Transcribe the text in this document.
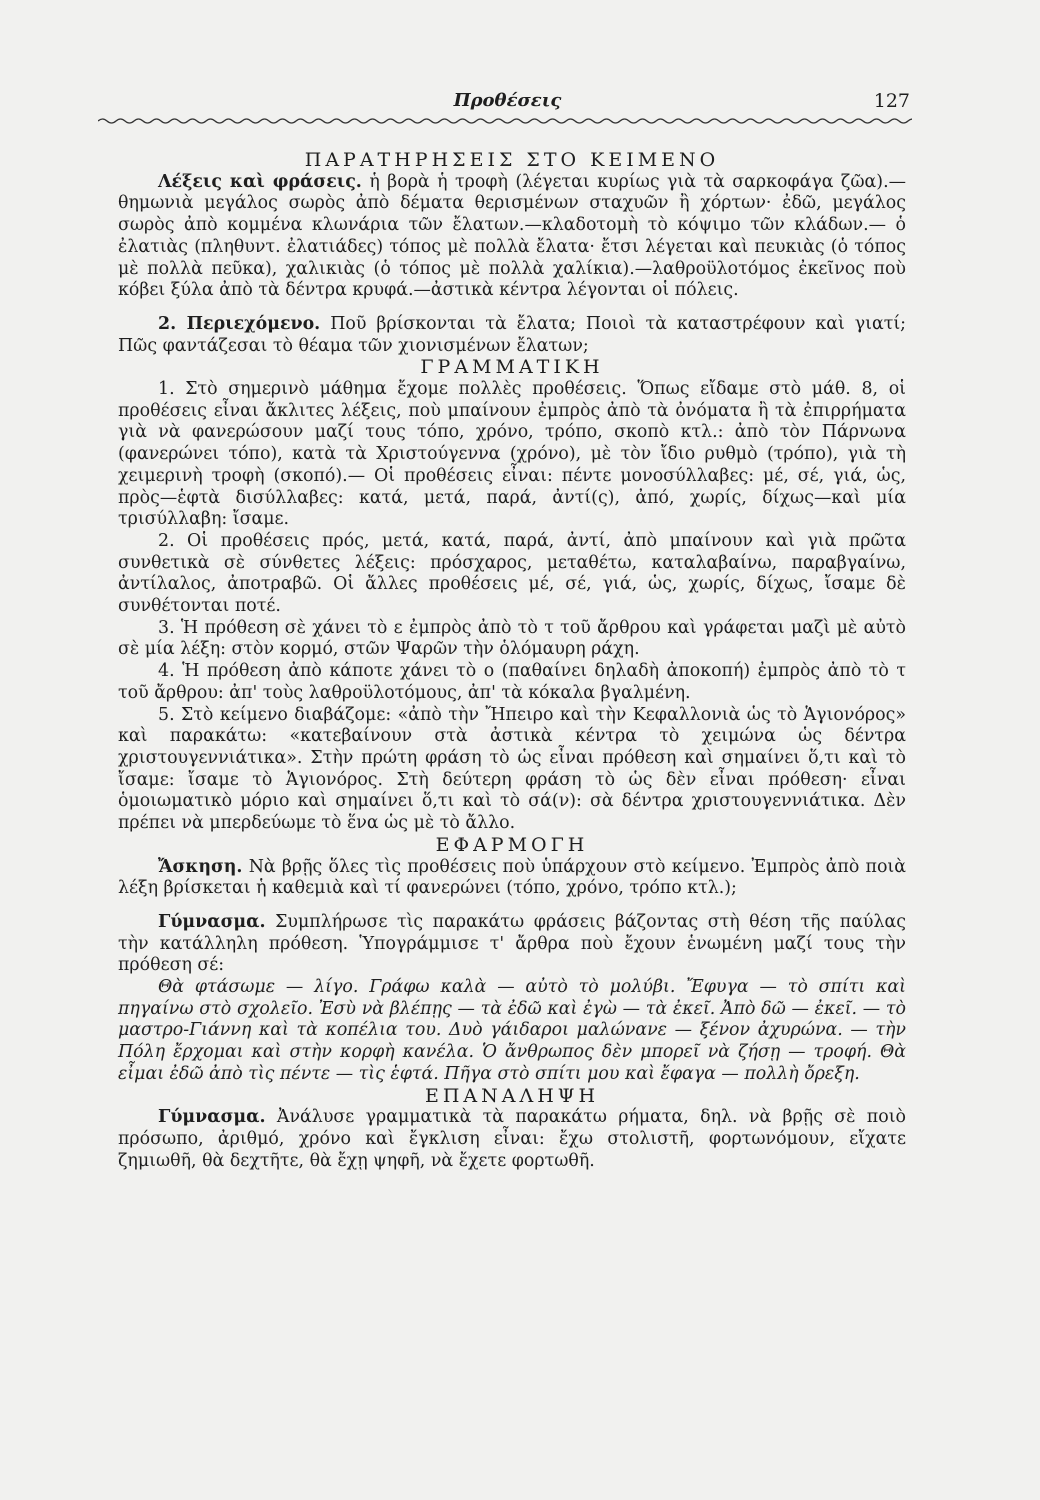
Προθέσεις	127

ΠΑΡΑΤΗΡΗΣΕΙΣ ΣΤΟ ΚΕΙΜΕΝΟ

Λέξεις καὶ φράσεις. ἡ βορὰ ἡ τροφὴ (λέγεται κυρίως γιὰ τὰ σαρκοφάγα ζῶα).—θημωνιὰ μεγάλος σωρὸς ἀπὸ δέματα θερισμένων σταχυῶν ἢ χόρτων· ἐδῶ, μεγάλος σωρὸς ἀπὸ κομμένα κλωνάρια τῶν ἔλατων.—κλαδοτομὴ τὸ κόψιμο τῶν κλάδων.— ὁ ἐλατιὰς (πληθυντ. ἐλατιάδες) τόπος μὲ πολλὰ ἔλατα· ἔτσι λέγεται καὶ πευκιὰς (ὁ τόπος μὲ πολλὰ πεῦκα), χαλικιὰς (ὁ τόπος μὲ πολλὰ χαλίκια).—λαθροϋλοτόμος ἐκεῖνος ποὺ κόβει ξύλα ἀπὸ τὰ δέντρα κρυφά.—ἀστικὰ κέντρα λέγονται οἱ πόλεις.

2. Περιεχόμενο. Ποῦ βρίσκονται τὰ ἔλατα; Ποιοὶ τὰ καταστρέφουν καὶ γιατί; Πῶς φαντάζεσαι τὸ θέαμα τῶν χιονισμένων ἔλατων;

ΓΡΑΜΜΑΤΙΚΗ

1. Στὸ σημερινὸ μάθημα ἔχομε πολλὲς προθέσεις. Ὅπως εἴδαμε στὸ μάθ. 8, οἱ προθέσεις εἶναι ἄκλιτες λέξεις, ποὺ μπαίνουν ἐμπρὸς ἀπὸ τὰ ὀνόματα ἢ τὰ ἐπιρρήματα γιὰ νὰ φανερώσουν μαζί τους τόπο, χρόνο, τρόπο, σκοπὸ κτλ.: ἀπὸ τὸν Πάρνωνα (φανερώνει τόπο), κατὰ τὰ Χριστούγεννα (χρόνο), μὲ τὸν ἴδιο ρυθμὸ (τρόπο), γιὰ τὴ χειμερινὴ τροφὴ (σκοπό).— Οἱ προθέσεις εἶναι: πέντε μονοσύλλαβες: μέ, σέ, γιά, ὡς, πρὸς—ἑφτὰ δισύλλαβες: κατά, μετά, παρά, ἀντί(ς), ἀπό, χωρίς, δίχως—καὶ μία τρισύλλαβη: ἴσαμε.

2. Οἱ προθέσεις πρός, μετά, κατά, παρά, ἀντί, ἀπὸ μπαίνουν καὶ γιὰ πρῶτα συνθετικὰ σὲ σύνθετες λέξεις: πρόσχαρος, μεταθέτω, καταλαβαίνω, παραβγαίνω, ἀντίλαλος, ἀποτραβῶ. Οἱ ἄλλες προθέσεις μέ, σέ, γιά, ὡς, χωρίς, δίχως, ἴσαμε δὲ συνθέτονται ποτέ.

3. Ἡ πρόθεση σὲ χάνει τὸ ε ἐμπρὸς ἀπὸ τὸ τ τοῦ ἄρθρου καὶ γράφεται μαζὶ μὲ αὐτὸ σὲ μία λέξη: στὸν κορμό, στῶν Ψαρῶν τὴν ὁλόμαυρη ράχη.

4. Ἡ πρόθεση ἀπὸ κάποτε χάνει τὸ ο (παθαίνει δηλαδὴ ἀποκοπή) ἐμπρὸς ἀπὸ τὸ τ τοῦ ἄρθρου: ἀπ' τοὺς λαθροϋλοτόμους, ἀπ' τὰ κόκαλα βγαλμένη.

5. Στὸ κείμενο διαβάζομε: «ἀπὸ τὴν Ἤπειρο καὶ τὴν Κεφαλλονιὰ ὡς τὸ Ἁγιονόρος» καὶ παρακάτω: «κατεβαίνουν στὰ ἀστικὰ κέντρα τὸ χειμώνα ὡς δέντρα χριστουγεννιάτικα». Στὴν πρώτη φράση τὸ ὡς εἶναι πρόθεση καὶ σημαίνει ὅ,τι καὶ τὸ ἴσαμε: ἴσαμε τὸ Ἁγιονόρος. Στὴ δεύτερη φράση τὸ ὡς δὲν εἶναι πρόθεση· εἶναι ὁμοιωματικὸ μόριο καὶ σημαίνει ὅ,τι καὶ τὸ σά(ν): σὰ δέντρα χριστουγεννιάτικα. Δὲν πρέπει νὰ μπερδεύωμε τὸ ἕνα ὡς μὲ τὸ ἄλλο.

ΕΦΑΡΜΟΓΗ

Ἄσκηση. Νὰ βρῇς ὅλες τὶς προθέσεις ποὺ ὑπάρχουν στὸ κείμενο. Ἐμπρὸς ἀπὸ ποιὰ λέξη βρίσκεται ἡ καθεμιὰ καὶ τί φανερώνει (τόπο, χρόνο, τρόπο κτλ.);

Γύμνασμα. Συμπλήρωσε τὶς παρακάτω φράσεις βάζοντας στὴ θέση τῆς παύλας τὴν κατάλληλη πρόθεση. Ὑπογράμμισε τ' ἄρθρα ποὺ ἔχουν ἑνωμένη μαζί τους τὴν πρόθεση σέ:

Θὰ φτάσωμε — λίγο. Γράφω καλὰ — αὐτὸ τὸ μολύβι. Ἔφυγα — τὸ σπίτι καὶ πηγαίνω στὸ σχολεῖο. Ἐσὺ νὰ βλέπῃς — τὰ ἐδῶ καὶ ἐγὼ — τὰ ἐκεῖ. Ἀπὸ δῶ — ἐκεῖ. — τὸ μαστρο-Γιάννη καὶ τὰ κοπέλια του. Δυὸ γάιδαροι μαλώνανε — ξένον ἀχυρώνα. — τὴν Πόλη ἔρχομαι καὶ στὴν κορφὴ κανέλα. Ὁ ἄνθρωπος δὲν μπορεῖ νὰ ζήσῃ — τροφή. Θὰ εἶμαι ἐδῶ ἀπὸ τὶς πέντε — τὶς ἑφτά. Πῆγα στὸ σπίτι μου καὶ ἔφαγα — πολλὴ ὄρεξη.

ΕΠΑΝΑΛΗΨΗ

Γύμνασμα. Ἀνάλυσε γραμματικὰ τὰ παρακάτω ρήματα, δηλ. νὰ βρῇς σὲ ποιὸ πρόσωπο, ἀριθμό, χρόνο καὶ ἔγκλιση εἶναι: ἔχω στολιστῆ, φορτωνόμουν, εἴχατε ζημιωθῆ, θὰ δεχτῆτε, θὰ ἔχῃ ψηφῆ, νὰ ἔχετε φορτωθῆ.
